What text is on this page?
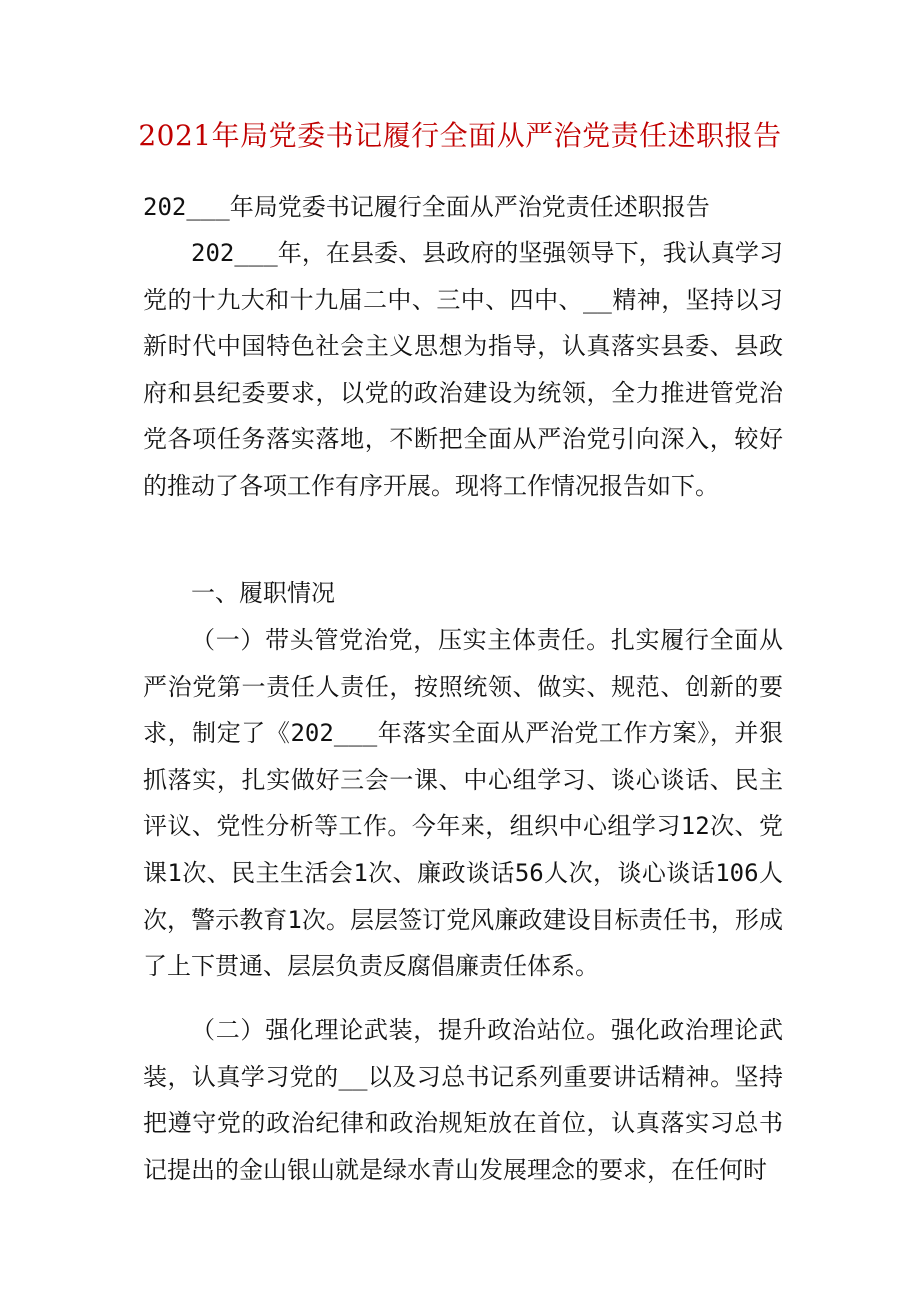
2021年局党委书记履行全面从严治党责任述职报告

202___年局党委书记履行全面从严治党责任述职报告

202___年，在县委、县政府的坚强领导下，我认真学习党的十九大和十九届二中、三中、四中、__精神，坚持以习新时代中国特色社会主义思想为指导，认真落实县委、县政府和县纪委要求，以党的政治建设为统领，全力推进管党治党各项任务落实落地，不断把全面从严治党引向深入，较好的推动了各项工作有序开展。现将工作情况报告如下。

一、履职情况

（一）带头管党治党，压实主体责任。扎实履行全面从严治党第一责任人责任，按照统领、做实、规范、创新的要求，制定了《202___年落实全面从严治党工作方案》，并狠抓落实，扎实做好三会一课、中心组学习、谈心谈话、民主评议、党性分析等工作。今年来，组织中心组学习12次、党课1次、民主生活会1次、廉政谈话56人次，谈心谈话106人次，警示教育1次。层层签订党风廉政建设目标责任书，形成了上下贯通、层层负责反腐倡廉责任体系。

（二）强化理论武装，提升政治站位。强化政治理论武装，认真学习党的__以及习总书记系列重要讲话精神。坚持把遵守党的政治纪律和政治规矩放在首位，认真落实习总书记提出的金山银山就是绿水青山发展理念的要求，在任何时
